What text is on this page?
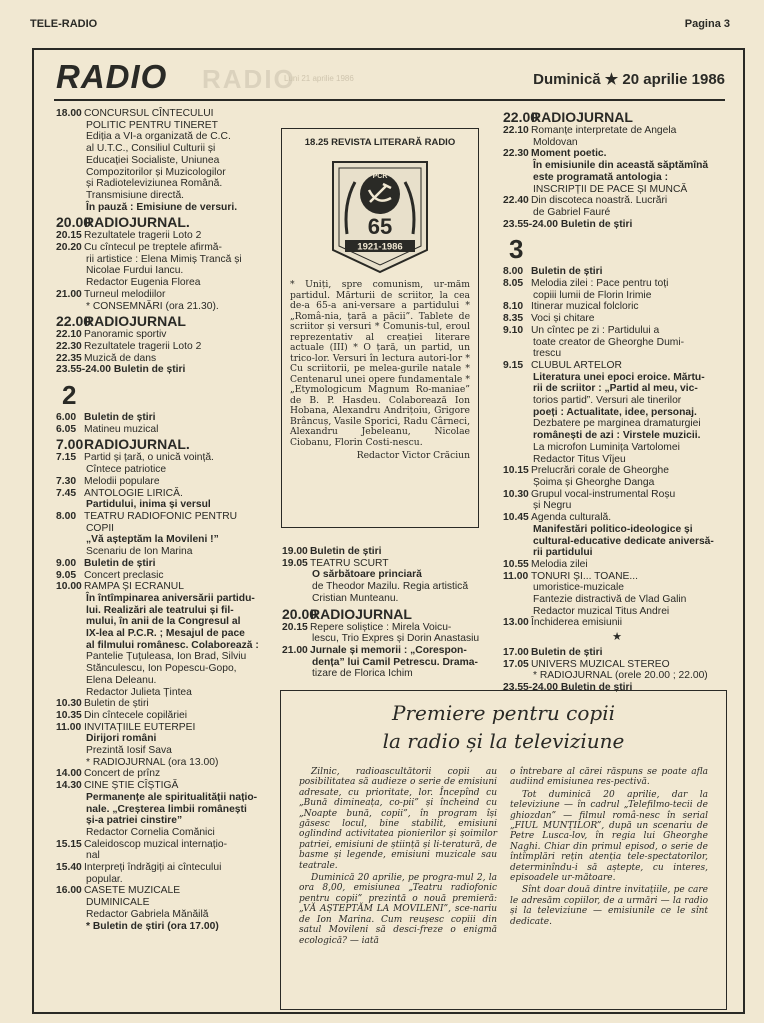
TELE-RADIO	Pagina 3
RADIO
Luni 21 aprilie 1986
RADIO	Duminică ★ 20 aprilie 1986
18.00 CONCURSUL CÎNTECULUI
POLITIC PENTRU TINERET
Ediția a VI-a organizată de C.C.
al U.T.C., Consiliul Culturii și
Educației Socialiste, Uniunea
Compozitorilor și Muzicologilor
și Radioteleviziunea Română.
Transmisiune directă.
În pauză : Emisiune de versuri.
20.00RADIOJURNAL.
20.15 Rezultatele tragerii Loto 2
20.20 Cu cîntecul pe treptele afirmă-
rii artistice : Elena Mimiș Trancă și
Nicolae Furdui Iancu.
Redactor Eugenia Florea
21.00 Turneul melodiilor
* CONSEMNĂRI (ora 21.30).
22.00RADIOJURNAL
22.10 Panoramic sportiv
22.30 Rezultatele tragerii Loto 2
22.35 Muzică de dans
23.55-24.00 Buletin de știri
2
6.00 Buletin de știri
6.05 Matineu muzical
7.00RADIOJURNAL.
7.15 Partid și țară, o unică voință.
Cîntece patriotice
7.30 Melodii populare
7.45 ANTOLOGIE LIRICĂ.
Partidului, inima și versul
8.00 TEATRU RADIOFONIC PENTRU
COPII
„Vă așteptăm la Movileni !”
Scenariu de Ion Marina
9.00 Buletin de știri
9.05 Concert preclasic
10.00 RAMPA ȘI ECRANUL
În întîmpinarea aniversării partidu-
lui. Realizări ale teatrului și fil-
mului, în anii de la Congresul al
IX-lea al P.C.R. ; Mesajul de pace
al filmului românesc. Colaborează :
Pantelie Țuțuleasa, Ion Brad, Silviu
Stănculescu, Ion Popescu-Gopo,
Elena Deleanu.
Redactor Julieta Țintea
10.30 Buletin de știri
10.35 Din cîntecele copilăriei
11.00 INVITAȚIILE EUTERPEI
Dirijori români
Prezintă Iosif Sava
* RADIOJURNAL (ora 13.00)
14.00 Concert de prînz
14.30 CINE ȘTIE CÎȘTIGĂ
Permanențe ale spiritualității națio-
nale. „Creșterea limbii românești
și-a patriei cinstire”
Redactor Cornelia Comănici
15.15 Caleidoscop muzical internațio-
nal
15.40 Interpreți îndrăgiți ai cîntecului
popular.
16.00 CASETE MUZICALE
DUMINICALE
Redactor Gabriela Mănăilă
* Buletin de știri (ora 17.00)
18.25 REVISTA LITERARĂ RADIO
PCR
65
1921-1986
* Uniți, spre comunism, ur-măm partidul. Mărturii de scriitor, la cea de-a 65-a ani-versare a partidului * „Româ-nia, țară a păcii”. Tablete de scriitor și versuri * Comunis-tul, eroul reprezentativ al creației literare actuale (III) * O țară, un partid, un trico-lor. Versuri în lectura autori-lor * Cu scriitorii, pe melea-gurile natale * Centenarul unei opere fundamentale * „Etymologicum Magnum Ro-maniae” de B. P. Hasdeu. Colaborează Ion Hobana, Alexandru Andrițoiu, Grigore Brâncuș, Vasile Sporici, Radu Cârneci, Alexandru Jebeleanu, Nicolae Ciobanu, Florin Costi-nescu.
Redactor Victor Crăciun
19.00 Buletin de știri
19.05 TEATRU SCURT
O sărbătoare princiară
de Theodor Mazilu. Regia artistică
Cristian Munteanu.
20.00RADIOJURNAL
20.15 Repere soliștice : Mirela Voicu-
lescu, Trio Expres și Dorin Anastasiu
21.00 Jurnale și memorii : „Corespon-
dența” lui Camil Petrescu. Drama-
tizare de Florica Ichim
22.00RADIOJURNAL
22.10 Romanțe interpretate de Angela
Moldovan
22.30 Moment poetic.
În emisiunile din această săptămînă
este programată antologia :
INSCRIPȚII DE PACE ȘI MUNCĂ
22.40 Din discoteca noastră. Lucrări
de Gabriel Fauré
23.55-24.00 Buletin de știri
3
8.00 Buletin de știri
8.05 Melodia zilei : Pace pentru toți
copiii lumii de Florin Irimie
8.10 Itinerar muzical folcloric
8.35 Voci și chitare
9.10 Un cîntec pe zi : Partidului a
toate creator de Gheorghe Dumi-
trescu
9.15 CLUBUL ARTELOR
Literatura unei epoci eroice. Mărtu-
rii de scriitor : „Partid al meu, vic-
torios partid”. Versuri ale tinerilor
poeți : Actualitate, idee, personaj.
Dezbatere pe marginea dramaturgiei
românești de azi : Virstele muzicii.
La microfon Luminița Vartolomei
Redactor Titus Vîjeu
10.15 Prelucrări corale de Gheorghe
Șoima și Gheorghe Danga
10.30 Grupul vocal-instrumental Roșu
și Negru
10.45 Agenda culturală.
Manifestări politico-ideologice și
cultural-educative dedicate aniversă-
rii partidului
10.55 Melodia zilei
11.00 TONURI ȘI... TOANE...
umoristice-muzicale
Fantezie distractivă de Vlad Galin
Redactor muzical Titus Andrei
13.00 Închiderea emisiunii
★
17.00 Buletin de știri
17.05 UNIVERS MUZICAL STEREO
* RADIOJURNAL (orele 20.00 ; 22.00)
23.55-24.00 Buletin de știri
Premiere pentru copii
la radio și la televiziune

Zilnic, radioascultătorii copii au posibilitatea să audieze o serie de emisiuni adresate, cu prioritate, lor. Începînd cu „Bună dimineața, co-pii” și încheind cu „Noapte bună, copii”, în program își găsesc locul, bine stabilit, emisiuni oglindind activitatea pionierilor și șoimilor patriei, emisiuni de știință și li-teratură, de basme și legende, emisiuni muzicale sau teatrale.

Duminică 20 aprilie, pe progra-mul 2, la ora 8,00, emisiunea „Teatru radiofonic pentru copii” prezintă o nouă premieră: „VĂ AȘTEPTĂM LA MOVILENI”, sce-nariu de Ion Marina. Cum reușesc copiii din satul Movileni să desci-freze o enigmă ecologică? — iată

o întrebare al cărei răspuns se poate afla audiind emisiunea res-pectivă.

Tot duminică 20 aprilie, dar la televiziune — în cadrul „Telefilmo-tecii de ghiozdan” — filmul româ-nesc în serial „FIUL MUNȚILOR”, după un scenariu de Petre Lusca-lov, în regia lui Gheorghe Naghi. Chiar din primul episod, o serie de întîmplări rețin atenția tele-spectatorilor, determinîndu-i să aștepte, cu interes, episoadele ur-mătoare.

Sînt doar două dintre invitațiile, pe care le adresăm copiilor, de a urmări — la radio și la televiziune — emisiunile ce le sînt dedicate.
